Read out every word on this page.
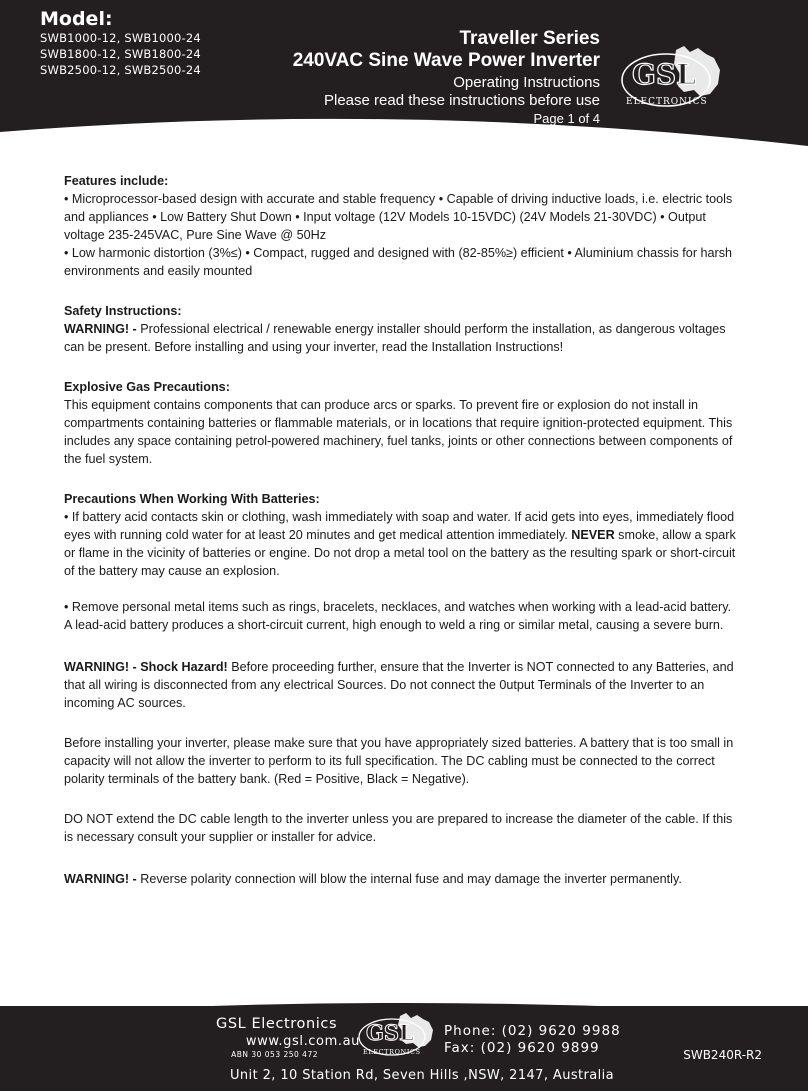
Model:
SWB1000-12, SWB1000-24
SWB1800-12, SWB1800-24
SWB2500-12, SWB2500-24
Traveller Series
240VAC Sine Wave Power Inverter
Operating Instructions
Please read these instructions before use
Page 1 of 4
GSL
ELECTRONICS

Features include:

• Microprocessor-based design with accurate and stable frequency • Capable of driving inductive loads, i.e. electric tools and appliances • Low Battery Shut Down • Input voltage (12V Models 10-15VDC) (24V Models 21-30VDC) • Output voltage 235-245VAC, Pure Sine Wave @ 50Hz

• Low harmonic distortion (3%≤) • Compact, rugged and designed with (82-85%≥) efficient • Aluminium chassis for harsh environments and easily mounted

Safety Instructions:

WARNING! - Professional electrical / renewable energy installer should perform the installation, as dangerous voltages can be present. Before installing and using your inverter, read the Installation Instructions!

Explosive Gas Precautions:

This equipment contains components that can produce arcs or sparks. To prevent fire or explosion do not install in compartments containing batteries or flammable materials, or in locations that require ignition-protected equipment. This includes any space containing petrol-powered machinery, fuel tanks, joints or other connections between components of the fuel system.

Precautions When Working With Batteries:

• If battery acid contacts skin or clothing, wash immediately with soap and water. If acid gets into eyes, immediately flood eyes with running cold water for at least 20 minutes and get medical attention immediately. NEVER smoke, allow a spark or flame in the vicinity of batteries or engine. Do not drop a metal tool on the battery as the resulting spark or short-circuit of the battery may cause an explosion.

• Remove personal metal items such as rings, bracelets, necklaces, and watches when working with a lead-acid battery. A lead-acid battery produces a short-circuit current, high enough to weld a ring or similar metal, causing a severe burn.

WARNING! - Shock Hazard! Before proceeding further, ensure that the Inverter is NOT connected to any Batteries, and that all wiring is disconnected from any electrical Sources. Do not connect the 0utput Terminals of the Inverter to an incoming AC sources.

Before installing your inverter, please make sure that you have appropriately sized batteries. A battery that is too small in capacity will not allow the inverter to perform to its full specification. The DC cabling must be connected to the correct polarity terminals of the battery bank. (Red = Positive, Black = Negative).

DO NOT extend the DC cable length to the inverter unless you are prepared to increase the diameter of the cable. If this is necessary consult your supplier or installer for advice.

WARNING! - Reverse polarity connection will blow the internal fuse and may damage the inverter permanently.

GSL Electronics
www.gsl.com.au
ABN 30 053 250 472
GSL
ELECTRONICS
Phone: (02) 9620 9988
Fax: (02) 9620 9899	SWB240R-R2
Unit 2, 10 Station Rd, Seven Hills ,NSW, 2147, Australia
